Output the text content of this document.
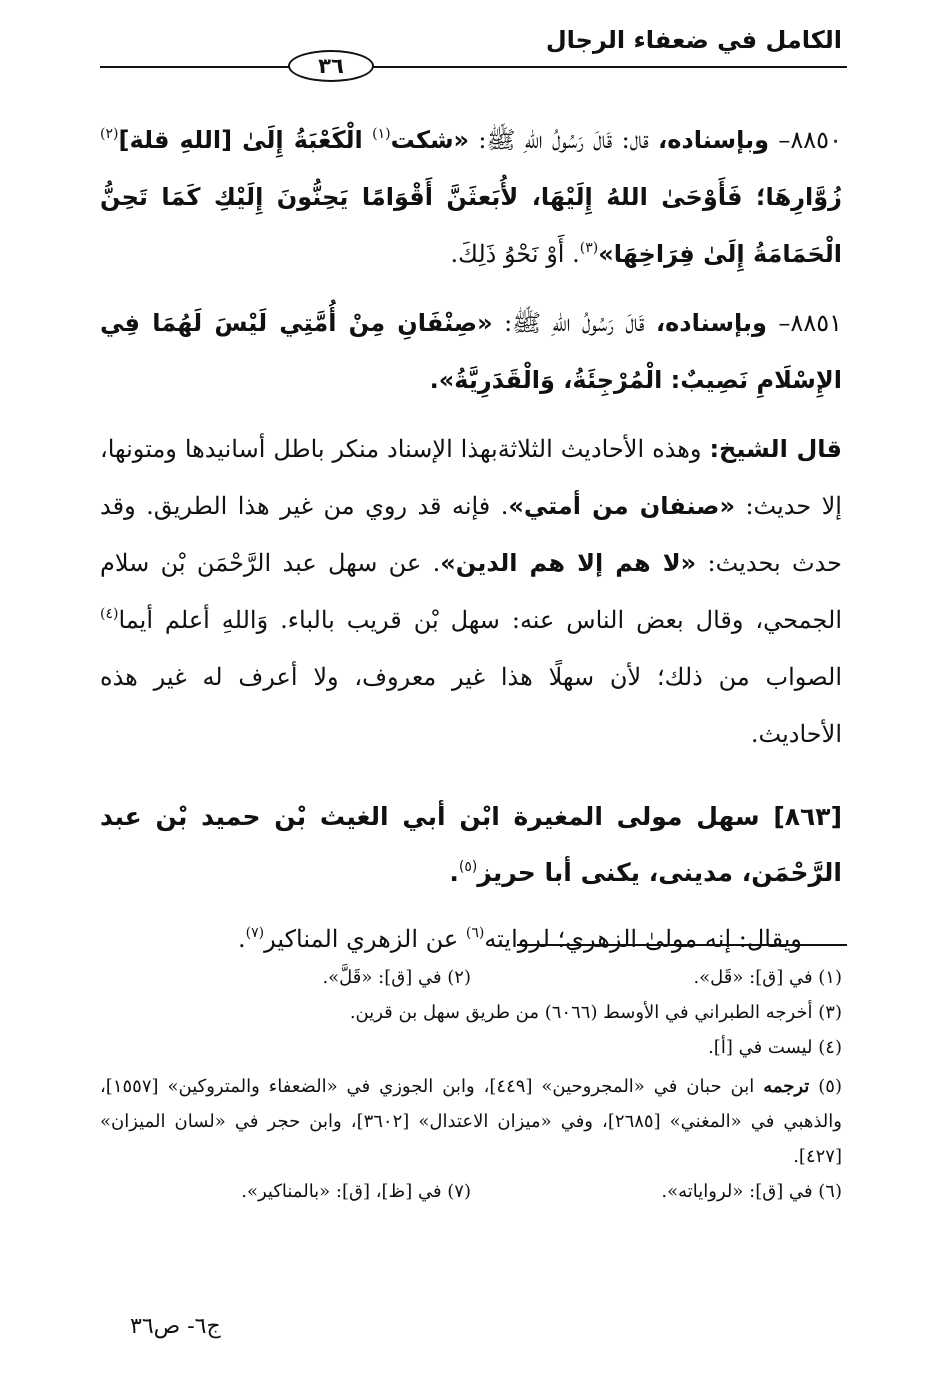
الكامل في ضعفاء الرجال
٣٦

٨٨٥٠– وبإسناده، قال: قَالَ رَسُولُ اللهِ ﷺ: «شكت$^{(١)}$ الْكَعْبَةُ إِلَىٰ [اللهِ قلة]$^{(٢)}$ زُوَّارِهَا؛ فَأَوْحَىٰ اللهُ إِلَيْهَا، لأُبَعثَنَّ أَقْوَامًا يَحِنُّونَ إِلَيْكِ كَمَا تَحِنُّ الْحَمَامَةُ إِلَىٰ فِرَاخِهَا»$^{(٣)}$. أَوْ نَحْوُ ذَلِكَ.

٨٨٥١– وبإسناده، قَالَ رَسُولُ اللهِ ﷺ: «صِنْفَانِ مِنْ أُمَّتِي لَيْسَ لَهُمَا فِي الإِسْلَامِ نَصِيبٌ: الْمُرْجِئَةُ، وَالْقَدَرِيَّةُ».

قال الشيخ: وهذه الأحاديث الثلاثةبهذا الإسناد منكر باطل أسانيدها ومتونها، إلا حديث: «صنفان من أمتي». فإنه قد روي من غير هذا الطريق. وقد حدث بحديث: «لا هم إلا هم الدين». عن سهل عبد الرَّحْمَن بْن سلام الجمحي، وقال بعض الناس عنه: سهل بْن قريب بالباء. وَاللهِ أعلم أيما$^{(٤)}$ الصواب من ذلك؛ لأن سهلًا هذا غير معروف، ولا أعرف له غير هذه الأحاديث.

[٨٦٣] سهل مولى المغيرة ابْن أبي الغيث بْن حميد بْن عبد الرَّحْمَن، مدينى، يكنى أبا حريز$^{(٥)}$.

ويقال: إنه مولىٰ الزهري؛ لروايته$^{(٦)}$ عن الزهري المناكير$^{(٧)}$.

(١) في [ق]: «قَل».
(٢) في [ق]: «قَلَّ».
(٣) أخرجه الطبراني في الأوسط (٦٠٦٦) من طريق سهل بن قرين.
(٤) ليست في [أ].
(٥) ترجمه ابن حبان في «المجروحين» [٤٤٩]، وابن الجوزي في «الضعفاء والمتروكين» [١٥٥٧]، والذهبي في «المغني» [٢٦٨٥]، وفي «ميزان الاعتدال» [٣٦٠٢]، وابن حجر في «لسان الميزان» [٤٢٧].
(٦) في [ق]: «لرواياته».
(٧) في [ظ]، [ق]: «بالمناكير».
ج٦- ص٣٦
